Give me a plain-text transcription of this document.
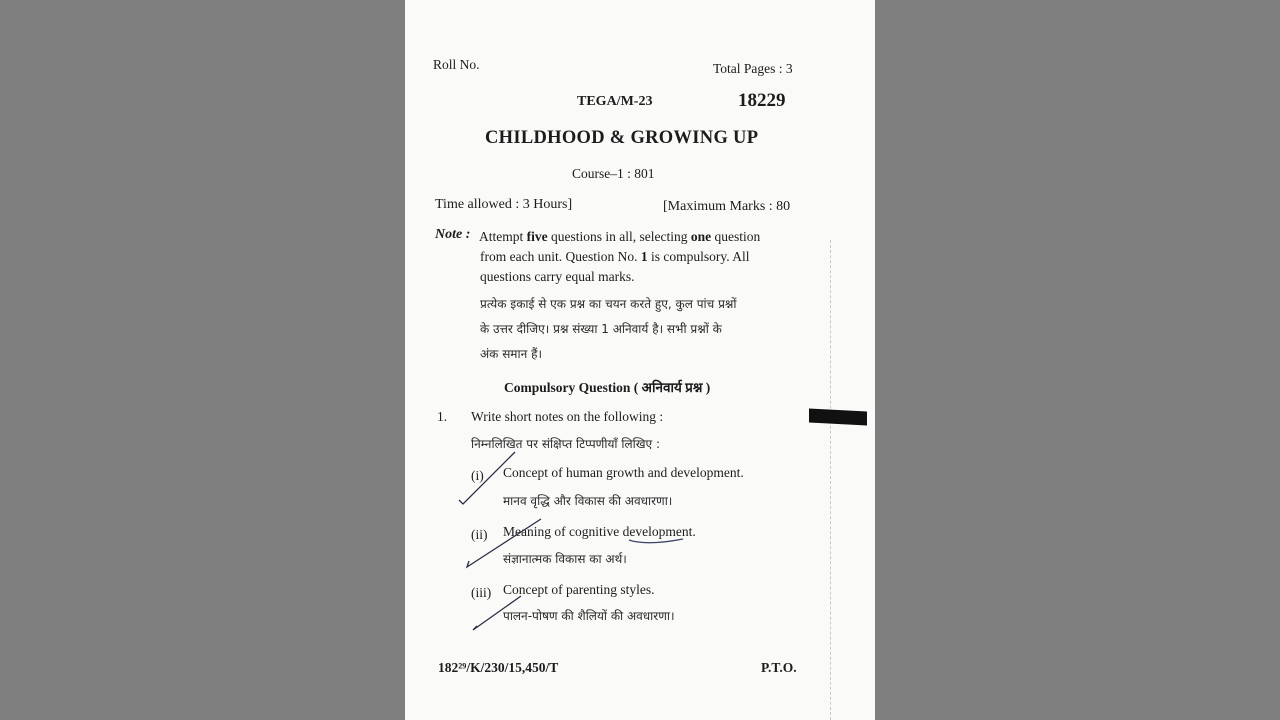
Roll No.	Total Pages : 3
TEGA/M-23	18229
CHILDHOOD & GROWING UP
Course–1 : 801
Time allowed : 3 Hours]	[Maximum Marks : 80
Note : Attempt five questions in all, selecting one question
from each unit. Question No. 1 is compulsory. All
questions carry equal marks.
प्रत्येक इकाई से एक प्रश्न का चयन करते हुए, कुल पांच प्रश्नों
के उत्तर दीजिए। प्रश्न संख्या 1 अनिवार्य है। सभी प्रश्नों के
अंक समान हैं।
Compulsory Question ( अनिवार्य प्रश्न )
1. Write short notes on the following :
निम्नलिखित पर संक्षिप्त टिप्पणीयाँ लिखिए :
(i) Concept of human growth and development.
मानव वृद्धि और विकास की अवधारणा।
(ii) Meaning of cognitive development.
संज्ञानात्मक विकास का अर्थ।
(iii) Concept of parenting styles.
पालन-पोषण की शैलियों की अवधारणा।
182²⁹/K/230/15,450/T	P.T.O.
